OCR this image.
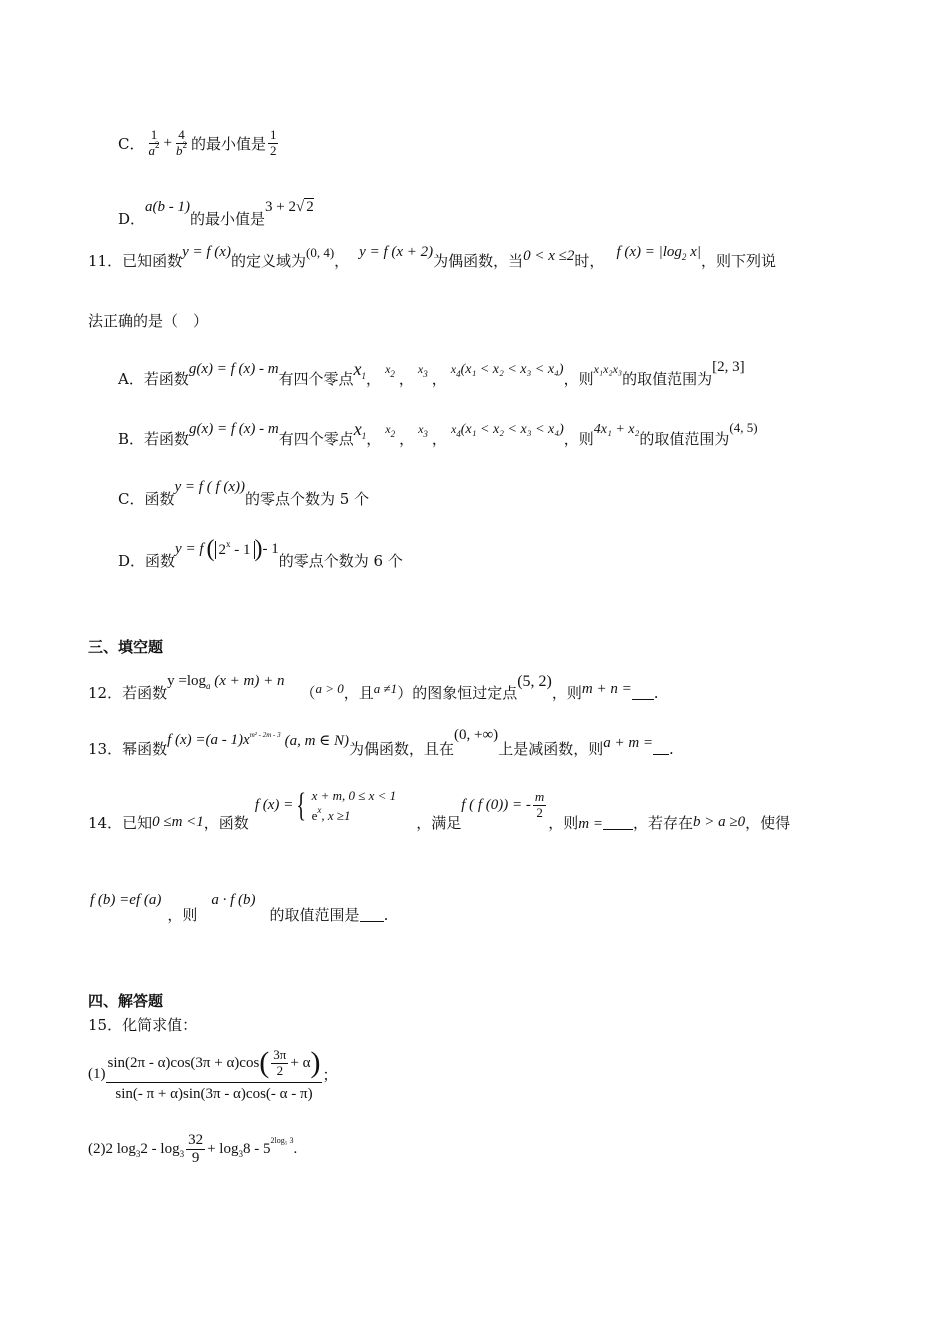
C． $\frac{1}{a^2} + \frac{4}{b^2}$ 的最小值是 $\frac{1}{2}$
D．
a(b - 1)
的最小值是
3 + 2√ 2
11． 已知函数 y = f (x) 的定义域为 (0, 4) ， y = f (x + 2) 为偶函数，当 0 < x ≤2 时， f $(x) = |\log_2$ x| ，则下列说
法正确的是（　）
A． 若函数
g(x) = f (x) - m
有四个零点 $x_1$ ，
$x_2$ ，
$x_3$ ，
$x_4$ (x₁ < x₂ < x₃ < x₄)
，则
x₁x₂x₃
的取值范围为
[2, 3]
B． 若函数
g(x) = f (x) - m
有四个零点 $x_1$ ，
$x_2$ ，
$x_3$ ，
$x_4$ (x₁ < x₂ < x₃ < x₄)
，则
4x₁ + x₂
的取值范围为
(4, 5)
C． 函数
y = f ( f (x))
的零点个数为 5 个
D． 函数
y = f ( 2$^x$ - 1 ) - 1
的零点个数为 6 个
三、填空题
12． 若函数
$y =\log_a$ (x + m) + n
（ a > 0 ，且 a ≠1 ）的图象恒过定点
(5, 2)
，则 m + n = .
13． 幂函数 f $(x) =(a - 1)x^{m^2 - 2m - 3}$ (a, m ∈ N) 为偶函数，且在
(0, +∞)
上是减函数，则 a + m = .
14． 已知 0 ≤m <1 ，函数
f (x) = { x + m, 0 ≤ x < 1
$e^x$, x ≥1	，满足
f ( f (0)) = - $\frac{m}{2}$
，则 m = ，若存在 b > a ≥0 ，使得
f (b) =ef (a)
，则
a · f (b)
的取值范围是 .
四、解答题
15． 化简求值：
(1)
sin(2π - α)cos(3π + α)cos ( $\frac{3\pi}{2} + \alpha$ )
sin(- π + α)sin(3π - α)cos(- α - π)
；
(2) 2 log 3 $2 - \log 3 \frac{32}{9} + \log 3$ 8 - 5
2log₅ 3
.
